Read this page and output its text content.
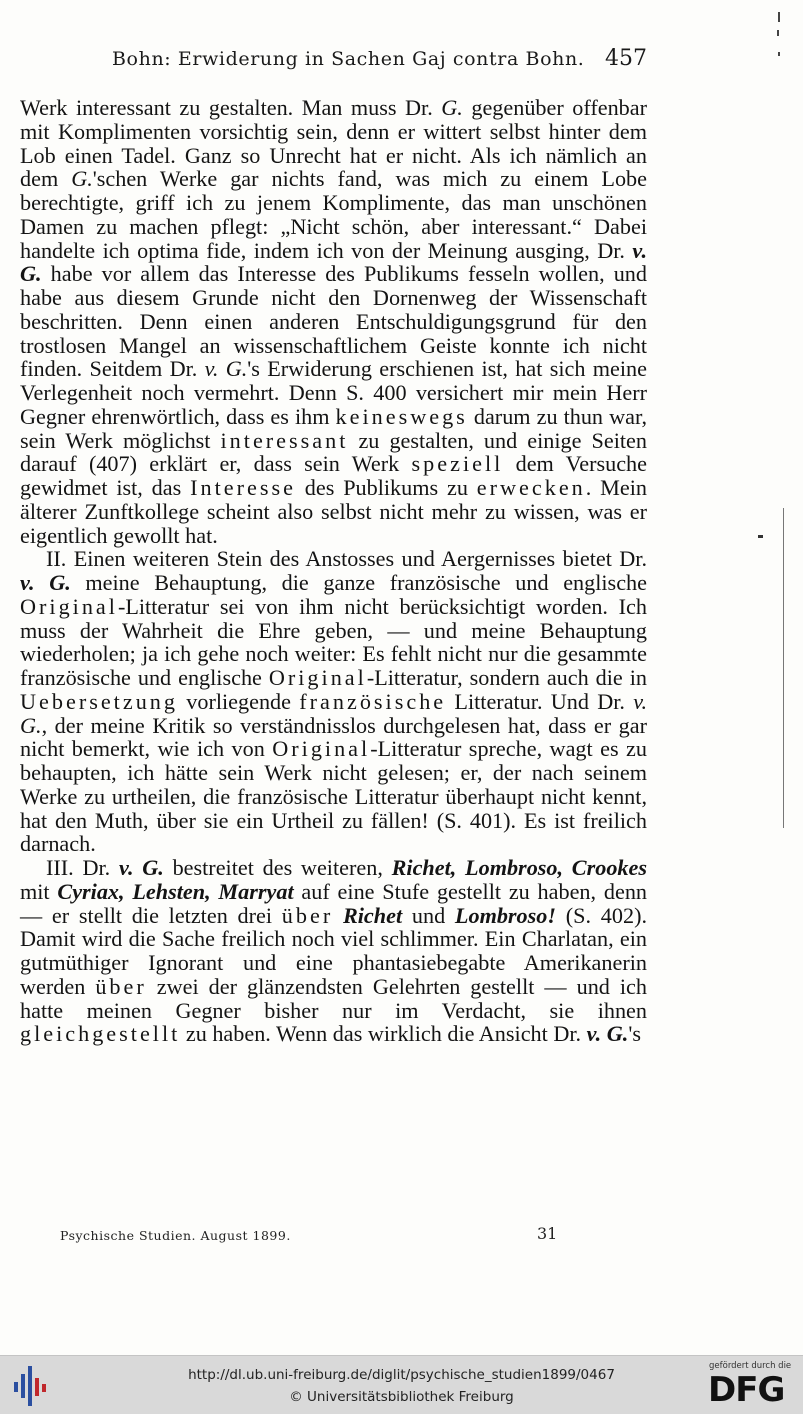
Bohn: Erwiderung in Sachen Gaj contra Bohn. 457

Werk interessant zu gestalten. Man muss Dr. G. gegenüber offenbar mit Komplimenten vorsichtig sein, denn er wittert selbst hinter dem Lob einen Tadel. Ganz so Unrecht hat er nicht. Als ich nämlich an dem G.'schen Werke gar nichts fand, was mich zu einem Lobe berechtigte, griff ich zu jenem Komplimente, das man unschönen Damen zu machen pflegt: „Nicht schön, aber interessant.“ Dabei handelte ich optima fide, indem ich von der Meinung ausging, Dr. v. G. habe vor allem das Interesse des Publikums fesseln wollen, und habe aus diesem Grunde nicht den Dornenweg der Wissenschaft beschritten. Denn einen anderen Entschuldigungsgrund für den trostlosen Mangel an wissenschaftlichem Geiste konnte ich nicht finden. Seitdem Dr. v. G.'s Erwiderung erschienen ist, hat sich meine Verlegenheit noch vermehrt. Denn S. 400 versichert mir mein Herr Gegner ehrenwörtlich, dass es ihm keineswegs darum zu thun war, sein Werk möglichst interessant zu gestalten, und einige Seiten darauf (407) erklärt er, dass sein Werk speziell dem Versuche gewidmet ist, das Interesse des Publikums zu erwecken. Mein älterer Zunftkollege scheint also selbst nicht mehr zu wissen, was er eigentlich gewollt hat.

II. Einen weiteren Stein des Anstosses und Aergernisses bietet Dr. v. G. meine Behauptung, die ganze französische und englische Original-Litteratur sei von ihm nicht berücksichtigt worden. Ich muss der Wahrheit die Ehre geben, — und meine Behauptung wiederholen; ja ich gehe noch weiter: Es fehlt nicht nur die gesammte französische und englische Original-Litteratur, sondern auch die in Uebersetzung vorliegende französische Litteratur. Und Dr. v. G., der meine Kritik so verständnisslos durchgelesen hat, dass er gar nicht bemerkt, wie ich von Original-Litteratur spreche, wagt es zu behaupten, ich hätte sein Werk nicht gelesen; er, der nach seinem Werke zu urtheilen, die französische Litteratur überhaupt nicht kennt, hat den Muth, über sie ein Urtheil zu fällen! (S. 401). Es ist freilich darnach.

III. Dr. v. G. bestreitet des weiteren, Richet, Lombroso, Crookes mit Cyriax, Lehsten, Marryat auf eine Stufe gestellt zu haben, denn — er stellt die letzten drei über Richet und Lombroso! (S. 402). Damit wird die Sache freilich noch viel schlimmer. Ein Charlatan, ein gutmüthiger Ignorant und eine phantasiebegabte Amerikanerin werden über zwei der glänzendsten Gelehrten gestellt — und ich hatte meinen Gegner bisher nur im Verdacht, sie ihnen gleichgestellt zu haben. Wenn das wirklich die Ansicht Dr. v. G.'s

Psychische Studien. August 1899.	31
http://dl.ub.uni-freiburg.de/diglit/psychische_studien1899/0467
© Universitätsbibliothek Freiburg
gefördert durch die
DFG
